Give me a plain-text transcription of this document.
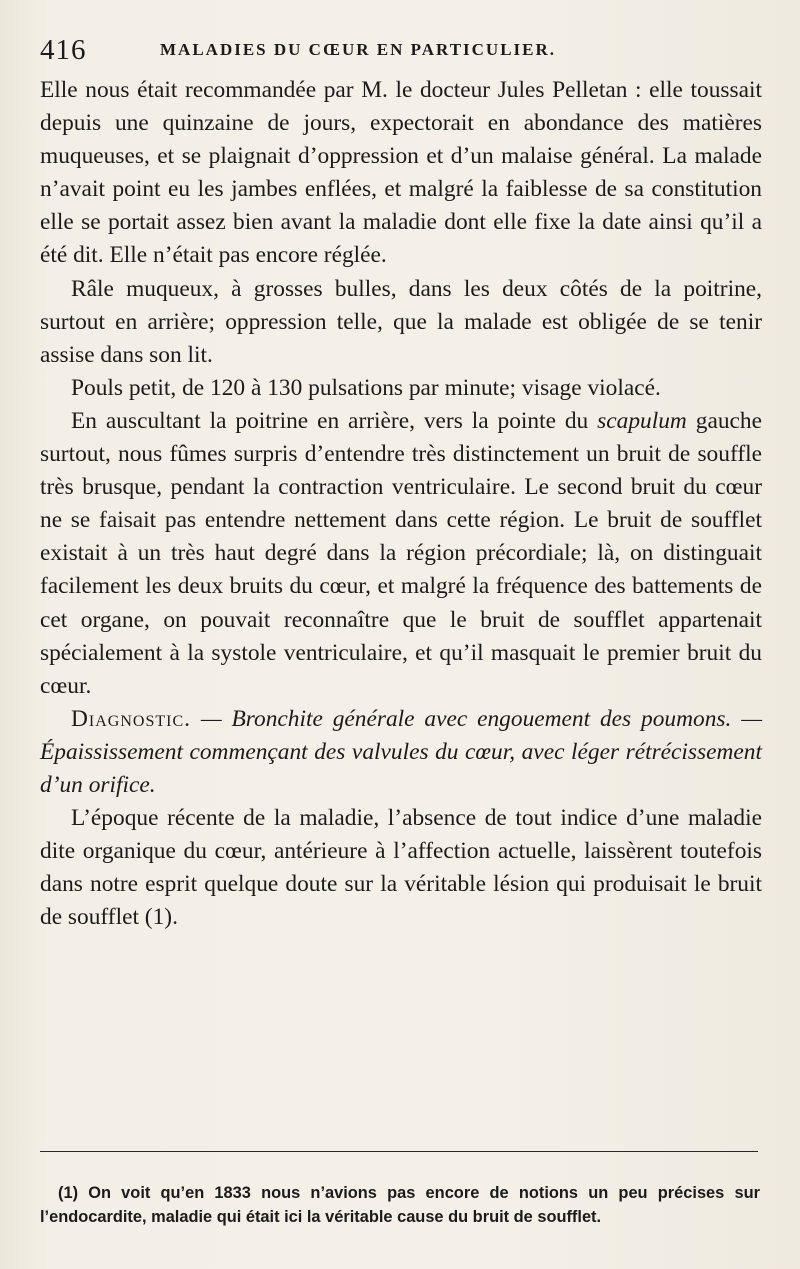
416	MALADIES DU CŒUR EN PARTICULIER.

Elle nous était recommandée par M. le docteur Jules Pelletan : elle toussait depuis une quinzaine de jours, expectorait en abondance des matières muqueuses, et se plaignait d’oppression et d’un malaise général. La malade n’avait point eu les jambes enflées, et malgré la faiblesse de sa constitution elle se portait assez bien avant la maladie dont elle fixe la date ainsi qu’il a été dit. Elle n’était pas encore réglée.

Râle muqueux, à grosses bulles, dans les deux côtés de la poitrine, surtout en arrière; oppression telle, que la malade est obligée de se tenir assise dans son lit.

Pouls petit, de 120 à 130 pulsations par minute; visage violacé.

En auscultant la poitrine en arrière, vers la pointe du scapulum gauche surtout, nous fûmes surpris d’entendre très distinctement un bruit de souffle très brusque, pendant la contraction ventriculaire. Le second bruit du cœur ne se faisait pas entendre nettement dans cette région. Le bruit de soufflet existait à un très haut degré dans la région précordiale; là, on distinguait facilement les deux bruits du cœur, et malgré la fréquence des battements de cet organe, on pouvait reconnaître que le bruit de soufflet appartenait spécialement à la systole ventriculaire, et qu’il masquait le premier bruit du cœur.

Diagnostic. — Bronchite générale avec engouement des poumons. — Épaississement commençant des valvules du cœur, avec léger rétrécissement d’un orifice.

L’époque récente de la maladie, l’absence de tout indice d’une maladie dite organique du cœur, antérieure à l’affection actuelle, laissèrent toutefois dans notre esprit quelque doute sur la véritable lésion qui produisait le bruit de soufflet (1).

(1) On voit qu’en 1833 nous n’avions pas encore de notions un peu précises sur l’endocardite, maladie qui était ici la véritable cause du bruit de soufflet.
